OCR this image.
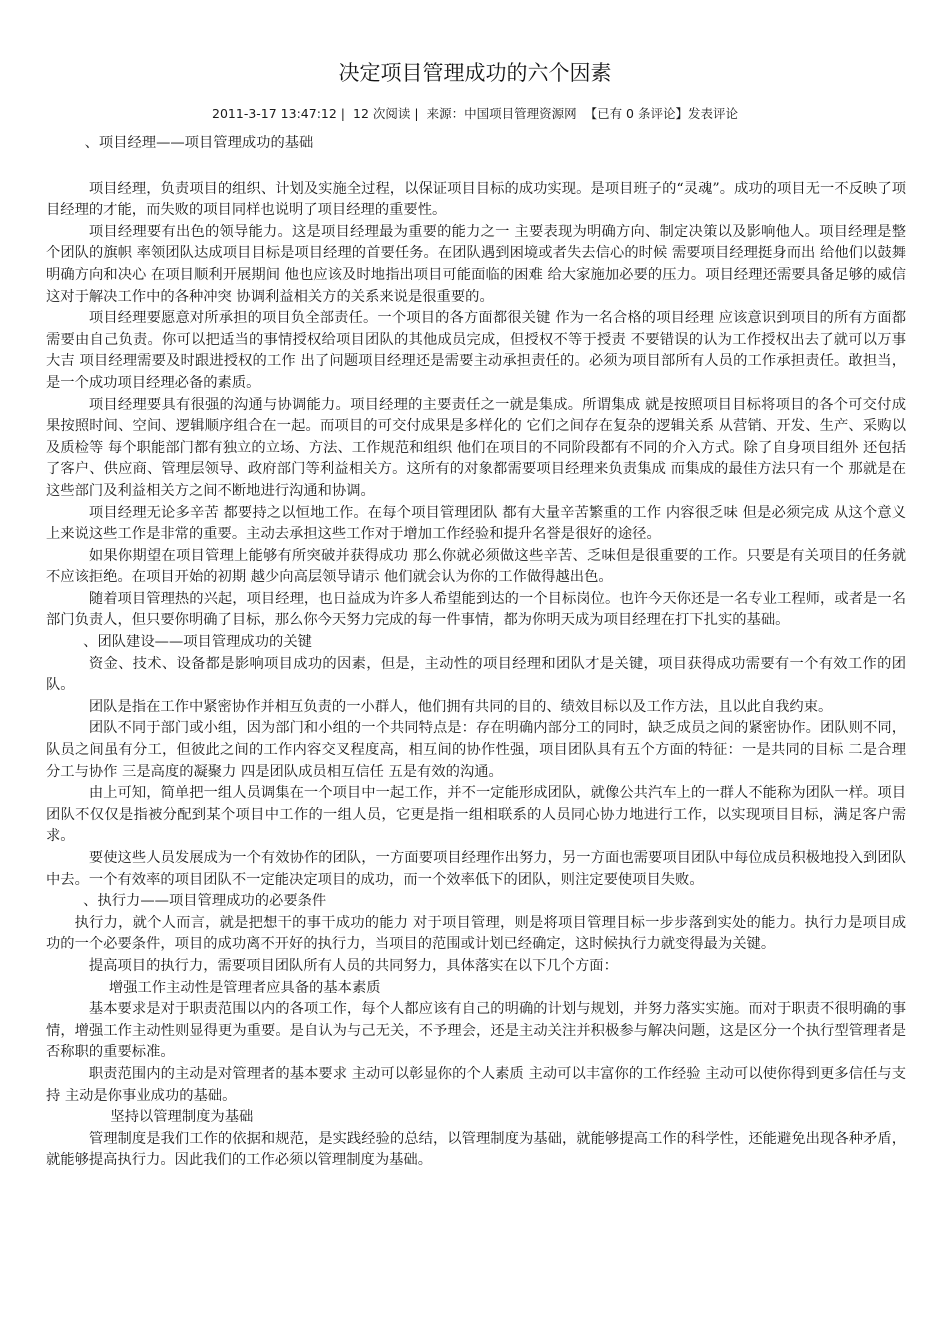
决定项目管理成功的六个因素
2011-3-17 13:47:12 | 12 次阅读 | 来源：中国项目管理资源网 【已有 0 条评论】发表评论

、项目经理——项目管理成功的基础

项目经理，负责项目的组织、计划及实施全过程，以保证项目目标的成功实现。是项目班子的“灵魂”。成功的项目无一不反映了项目经理的才能，而失败的项目同样也说明了项目经理的重要性。

项目经理要有出色的领导能力。这是项目经理最为重要的能力之一 主要表现为明确方向、制定决策以及影响他人。项目经理是整个团队的旗帜 率领团队达成项目目标是项目经理的首要任务。在团队遇到困境或者失去信心的时候 需要项目经理挺身而出 给他们以鼓舞 明确方向和决心 在项目顺利开展期间 他也应该及时地指出项目可能面临的困难 给大家施加必要的压力。项目经理还需要具备足够的威信 这对于解决工作中的各种冲突 协调利益相关方的关系来说是很重要的。

项目经理要愿意对所承担的项目负全部责任。一个项目的各方面都很关键 作为一名合格的项目经理 应该意识到项目的所有方面都需要由自己负责。你可以把适当的事情授权给项目团队的其他成员完成，但授权不等于授责 不要错误的认为工作授权出去了就可以万事大吉 项目经理需要及时跟进授权的工作 出了问题项目经理还是需要主动承担责任的。必须为项目部所有人员的工作承担责任。敢担当，是一个成功项目经理必备的素质。

项目经理要具有很强的沟通与协调能力。项目经理的主要责任之一就是集成。所谓集成 就是按照项目目标将项目的各个可交付成果按照时间、空间、逻辑顺序组合在一起。而项目的可交付成果是多样化的 它们之间存在复杂的逻辑关系 从营销、开发、生产、采购以及质检等 每个职能部门都有独立的立场、方法、工作规范和组织 他们在项目的不同阶段都有不同的介入方式。除了自身项目组外 还包括了客户、供应商、管理层领导、政府部门等利益相关方。这所有的对象都需要项目经理来负责集成 而集成的最佳方法只有一个 那就是在这些部门及利益相关方之间不断地进行沟通和协调。

项目经理无论多辛苦 都要持之以恒地工作。在每个项目管理团队 都有大量辛苦繁重的工作 内容很乏味 但是必须完成 从这个意义上来说这些工作是非常的重要。主动去承担这些工作对于增加工作经验和提升名誉是很好的途径。

如果你期望在项目管理上能够有所突破并获得成功 那么你就必须做这些辛苦、乏味但是很重要的工作。只要是有关项目的任务就不应该拒绝。在项目开始的初期 越少向高层领导请示 他们就会认为你的工作做得越出色。

随着项目管理热的兴起，项目经理，也日益成为许多人希望能到达的一个目标岗位。也许今天你还是一名专业工程师，或者是一名部门负责人，但只要你明确了目标，那么你今天努力完成的每一件事情，都为你明天成为项目经理在打下扎实的基础。

、团队建设——项目管理成功的关键

资金、技术、设备都是影响项目成功的因素，但是，主动性的项目经理和团队才是关键，项目获得成功需要有一个有效工作的团队。

团队是指在工作中紧密协作并相互负责的一小群人，他们拥有共同的目的、绩效目标以及工作方法，且以此自我约束。

团队不同于部门或小组，因为部门和小组的一个共同特点是：存在明确内部分工的同时，缺乏成员之间的紧密协作。团队则不同，队员之间虽有分工，但彼此之间的工作内容交叉程度高，相互间的协作性强，项目团队具有五个方面的特征：一是共同的目标 二是合理分工与协作 三是高度的凝聚力 四是团队成员相互信任 五是有效的沟通。

由上可知，简单把一组人员调集在一个项目中一起工作，并不一定能形成团队，就像公共汽车上的一群人不能称为团队一样。项目团队不仅仅是指被分配到某个项目中工作的一组人员，它更是指一组相联系的人员同心协力地进行工作，以实现项目目标，满足客户需求。

要使这些人员发展成为一个有效协作的团队，一方面要项目经理作出努力，另一方面也需要项目团队中每位成员积极地投入到团队中去。一个有效率的项目团队不一定能决定项目的成功，而一个效率低下的团队，则注定要使项目失败。

、执行力——项目管理成功的必要条件

执行力，就个人而言，就是把想干的事干成功的能力 对于项目管理，则是将项目管理目标一步步落到实处的能力。执行力是项目成功的一个必要条件，项目的成功离不开好的执行力，当项目的范围或计划已经确定，这时候执行力就变得最为关键。

提高项目的执行力，需要项目团队所有人员的共同努力，具体落实在以下几个方面：

增强工作主动性是管理者应具备的基本素质

基本要求是对于职责范围以内的各项工作，每个人都应该有自己的明确的计划与规划，并努力落实实施。而对于职责不很明确的事情，增强工作主动性则显得更为重要。是自认为与己无关，不予理会，还是主动关注并积极参与解决问题，这是区分一个执行型管理者是否称职的重要标准。

职责范围内的主动是对管理者的基本要求 主动可以彰显你的个人素质 主动可以丰富你的工作经验 主动可以使你得到更多信任与支持 主动是你事业成功的基础。

坚持以管理制度为基础

管理制度是我们工作的依据和规范，是实践经验的总结，以管理制度为基础，就能够提高工作的科学性，还能避免出现各种矛盾，就能够提高执行力。因此我们的工作必须以管理制度为基础。
